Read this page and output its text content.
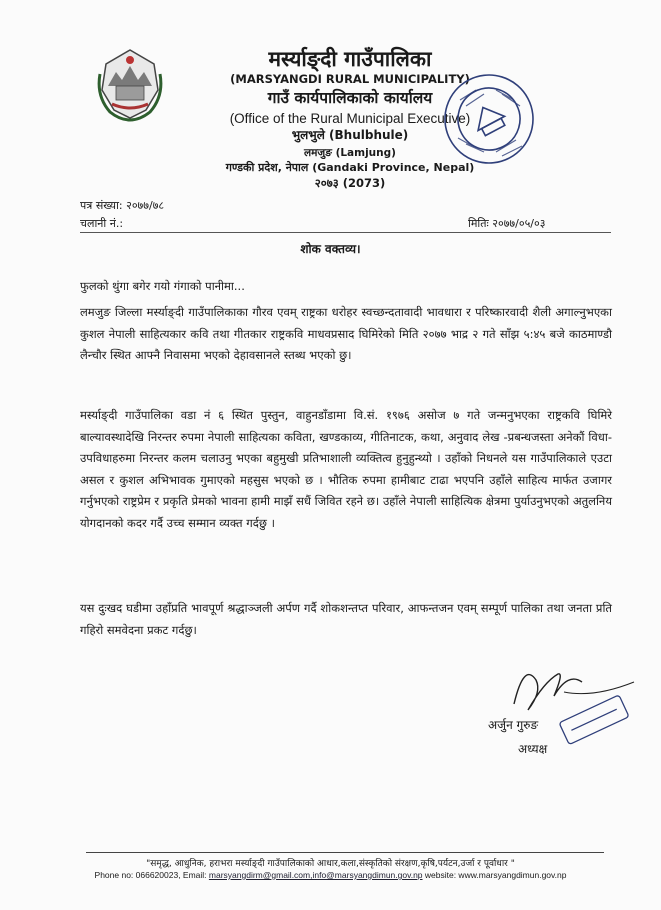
मर्स्याङ्दी गाउँपालिका
(MARSYANGDI RURAL MUNICIPALITY)
गाउँ कार्यपालिकाको कार्यालय
(Office of the Rural Municipal Executive)
भुलभुले (Bhulbhule)
लमजुङ (Lamjung)
गण्डकी प्रदेश, नेपाल (Gandaki Province, Nepal)
२०७३ (2073)
पत्र संख्या: २०७७/७८
चलानी नं.:	मितिः २०७७/०५/०३
शोक वक्तव्य।
फुलको थुंगा बगेर गयो गंगाको पानीमा...
लमजुङ जिल्ला मर्स्याङ्दी गाउँपालिकाका गौरव एवम् राष्ट्रका धरोहर स्वच्छन्दतावादी भावधारा र परिष्कारवादी शैली अगाल्नुभएका कुशल नेपाली साहित्यकार कवि तथा गीतकार राष्ट्रकवि माधवप्रसाद घिमिरेको मिति २०७७ भाद्र २ गते साँझ ५:४५ बजे काठमाण्डौ लैन्चौर स्थित आफ्नै निवासमा भएको देहावसानले स्तब्ध भएको छु।
मर्स्याङ्दी गाउँपालिका वडा नं ६ स्थित पुस्तुन, वाहुनडाँडामा वि.सं. १९७६ असोज ७ गते जन्मनुभएका राष्ट्रकवि घिमिरे बाल्यावस्थादेखि निरन्तर रुपमा नेपाली साहित्यका कविता, खण्डकाव्य, गीतिनाटक, कथा, अनुवाद लेख -प्रबन्धजस्ता अनेकौं विधा-उपविधाहरुमा निरन्तर कलम चलाउनु भएका बहुमुखी प्रतिभाशाली व्यक्तित्व हुनुहुन्थ्यो । उहाँको निधनले यस गाउँपालिकाले एउटा असल र कुशल अभिभावक गुमाएको महसुस भएको छ । भौतिक रुपमा हामीबाट टाढा भएपनि उहाँले साहित्य मार्फत उजागर गर्नुभएको राष्ट्रप्रेम र प्रकृति प्रेमको भावना हामी माझँ सधैं जिवित रहने छ। उहाँले नेपाली साहित्यिक क्षेत्रमा पुर्याउनुभएको अतुलनिय योगदानको कदर गर्दै उच्च सम्मान व्यक्त गर्दछु ।
यस दुःखद घडीमा उहाँप्रति भावपूर्ण श्रद्धाञ्जली अर्पण गर्दै शोकशन्तप्त परिवार, आफन्तजन एवम् सम्पूर्ण पालिका तथा जनता प्रति गहिरो समवेदना प्रकट गर्दछु।
अर्जुन गुरुङ
अध्यक्ष
"समृद्ध, आधुनिक, हराभरा मर्स्याङ्दी गाउँपालिकाको आधार,कला,संस्कृतिको संरक्षण,कृषि,पर्यटन,उर्जा र पूर्वाधार "
Phone no: 066620023, Email: marsyangdirm@gmail.com,info@marsyangdimun.gov.np website: www.marsyangdimun.gov.np
